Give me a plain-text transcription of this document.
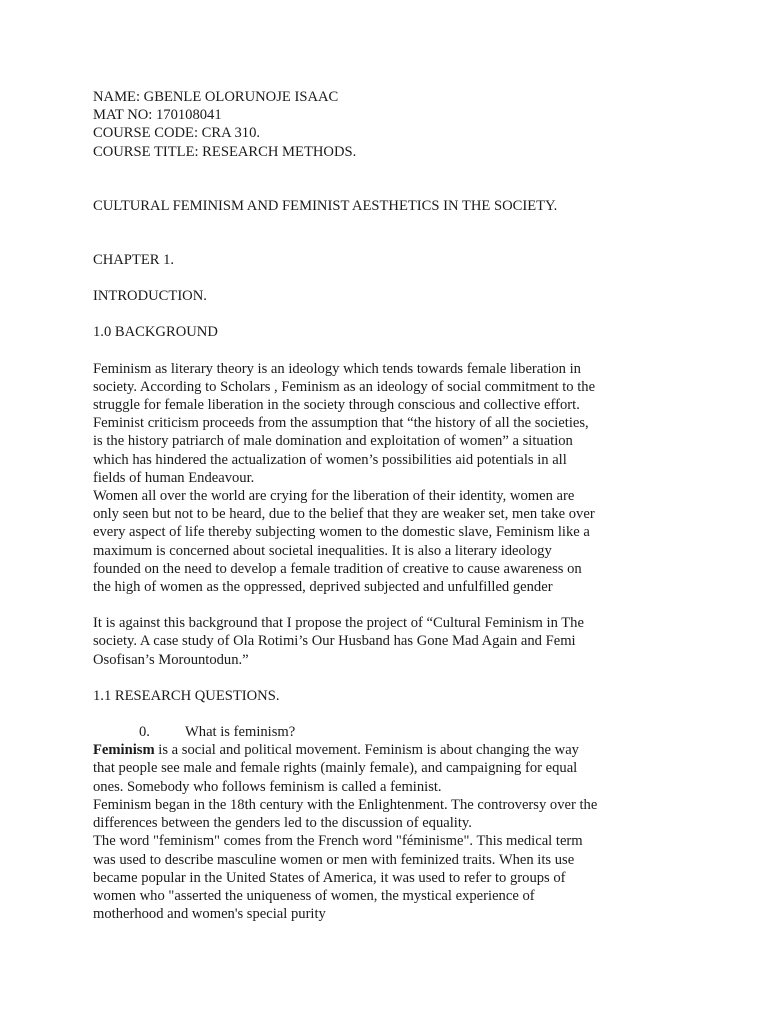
NAME: GBENLE OLORUNOJE ISAAC
MAT NO: 170108041
COURSE CODE: CRA 310.
COURSE TITLE: RESEARCH METHODS.
CULTURAL FEMINISM AND FEMINIST AESTHETICS IN THE SOCIETY.
CHAPTER 1.
INTRODUCTION.
1.0 BACKGROUND
Feminism as literary theory is an ideology which tends towards female liberation in
society. According to Scholars , Feminism as an ideology of social commitment to the
struggle for female liberation in the society through conscious and collective effort.
Feminist criticism proceeds from the assumption that “the history of all the societies,
is the history patriarch of male domination and exploitation of women” a situation
which has hindered the actualization of women’s possibilities aid potentials in all
fields of human Endeavour.
Women all over the world are crying for the liberation of their identity, women are
only seen but not to be heard, due to the belief that they are weaker set, men take over
every aspect of life thereby subjecting women to the domestic slave, Feminism like a
maximum is concerned about societal inequalities. It is also a literary ideology
founded on the need to develop a female tradition of creative to cause awareness on
the high of women as the oppressed, deprived subjected and unfulfilled gender
It is against this background that I propose the project of “Cultural Feminism in The
society. A case study of Ola Rotimi’s Our Husband has Gone Mad Again and Femi
Osofisan’s Morountodun.”
1.1 RESEARCH QUESTIONS.
0. What is feminism?
Feminism is a social and political movement. Feminism is about changing the way
that people see male and female rights (mainly female), and campaigning for equal
ones. Somebody who follows feminism is called a feminist.
Feminism began in the 18th century with the Enlightenment. The controversy over the
differences between the genders led to the discussion of equality.
The word "feminism" comes from the French word "féminisme". This medical term
was used to describe masculine women or men with feminized traits. When its use
became popular in the United States of America, it was used to refer to groups of
women who "asserted the uniqueness of women, the mystical experience of
motherhood and women's special purity
